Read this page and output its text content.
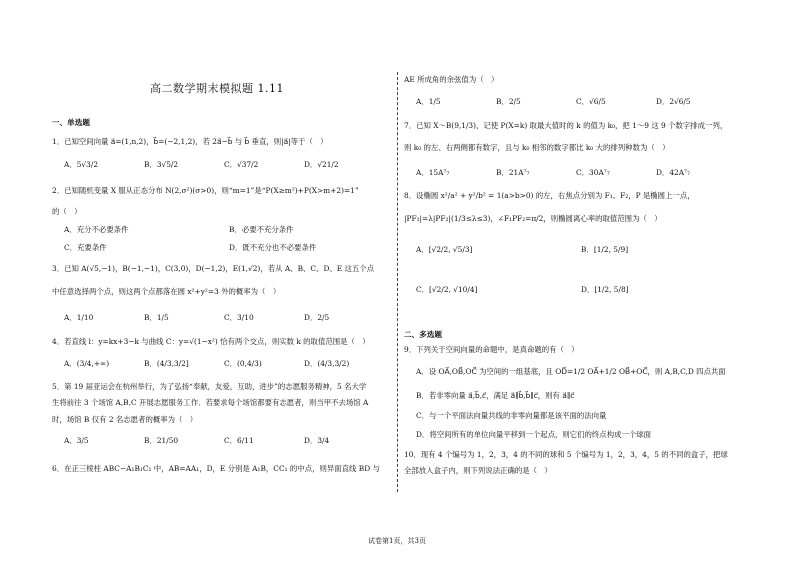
高二数学期末模拟题 1.11
一、单选题
1．已知空间向量 a⃗=(1,n,2)，b⃗=(−2,1,2)，若 2a⃗−b⃗ 与 b⃗ 垂直，则|a⃗|等于（　）
A．5√3/2	B．3√5/2	C．√37/2	D．√21/2
2．已知随机变量 X 服从正态分布 N(2,σ²)(σ>0)，则“m=1”是“P(X≥m²)+P(X>m+2)=1”
的（　）
A．充分不必要条件	B．必要不充分条件
C．充要条件	D．既不充分也不必要条件
3．已知 A(√5,−1)，B(−1,−1)，C(3,0)，D(−1,2)，E(1,√2)，若从 A、B、C、D、E 这五个点
中任意选择两个点，则这两个点都落在圆 x²+y²=3 外的概率为（　）
A．1/10	B．1/5	C．3/10	D．2/5
4．若直线 l：y=kx+3−k 与曲线 C：y=√(1−x²) 恰有两个交点，则实数 k 的取值范围是（　）
A．(3/4,+∞)	B．(4/3,3/2]	C．(0,4/3)	D．(4/3,3/2)
5．第 19 届亚运会在杭州举行，为了弘扬“奉献，友爱，互助，进步”的志愿服务精神，5 名大学
生将前往 3 个场馆 A,B,C 开展志愿服务工作．若要求每个场馆都要有志愿者，则当甲不去场馆 A
时，场馆 B 仅有 2 名志愿者的概率为（　）
A．3/5	B．21/50	C．6/11	D．3/4
6．在正三棱柱 ABC−A₁B₁C₁ 中，AB=AA₁，D，E 分别是 A₁B，CC₁ 的中点，则异面直线 BD 与
AE 所成角的余弦值为（　）
A．1/5	B．2/5	C．√6/5	D．2√6/5
7．已知 X～B(9,1/3)，记使 P(X=k) 取最大值时的 k 的值为 k₀，把 1～9 这 9 个数字排成一列，
则 k₀ 的左、右两侧都有数字，且与 k₀ 相邻的数字都比 k₀ 大的排列种数为（　）
A．15A⁷₇	B．21A⁷₇	C．30A⁷₇	D．42A⁷₇
8．设椭圆 x²/a² + y²/b² = 1(a>b>0) 的左，右焦点分别为 F₁、F₂，P 是椭圆上一点，
|PF₁|=λ|PF₂|(1/3≤λ≤3)，∠F₁PF₂=π/2，则椭圆离心率的取值范围为（　）
A．[√2/2, √5/3]	B．[1/2, 5/9]
C．[√2/2, √10/4]	D．[1/2, 5/8]
二、多选题
9．下列关于空间向量的命题中，是真命题的有（　）
A．设 OA⃗,OB⃗,OC⃗ 为空间的一组基底，且 OD⃗=1/2 OA⃗+1/2 OB⃗+OC⃗，则 A,B,C,D 四点共面
B．若非零向量 a⃗,b⃗,c⃗，满足 a⃗∥b⃗,b⃗∥c⃗，则有 a⃗∥c⃗
C．与一个平面法向量共线的非零向量都是该平面的法向量
D．将空间所有的单位向量平移到一个起点，则它们的终点构成一个球面
10．现有 4 个编号为 1，2，3，4 的不同的球和 5 个编号为 1，2，3，4，5 的不同的盒子，把球
全部放入盒子内，则下列说法正确的是（　）
试卷第1页，共3页
